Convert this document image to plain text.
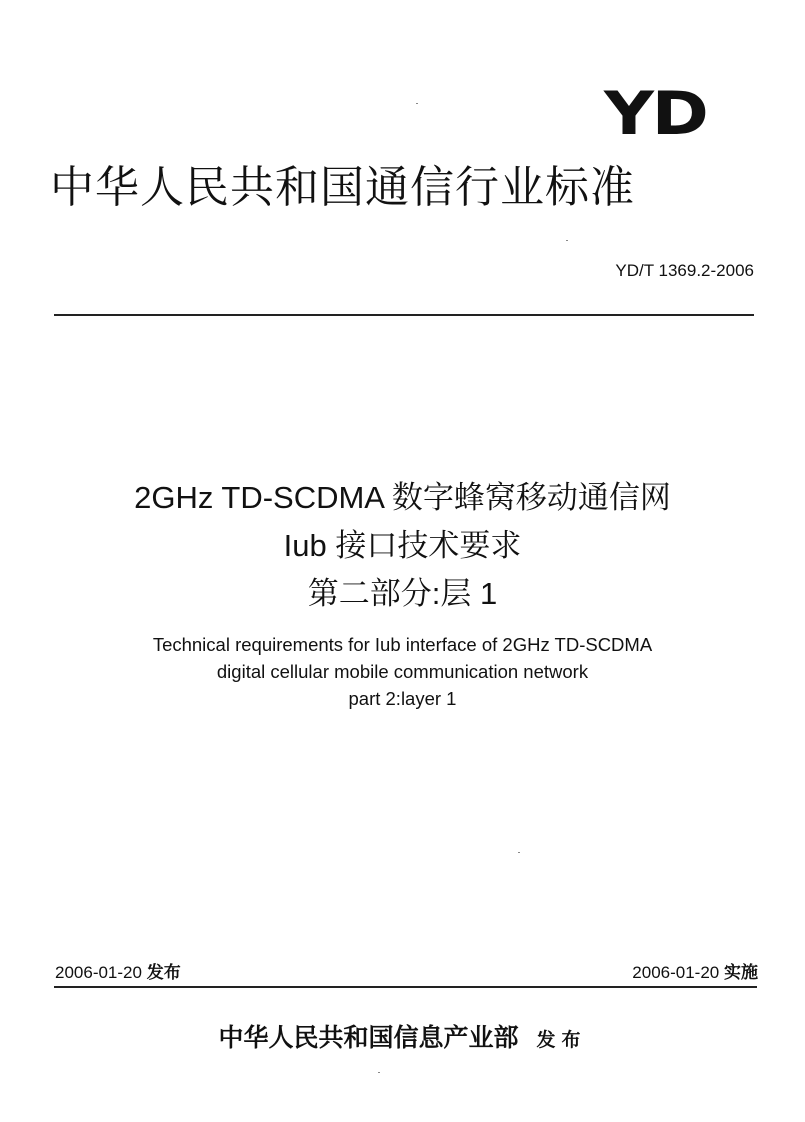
YD
中华人民共和国通信行业标准
YD/T 1369.2-2006
2GHz TD-SCDMA 数字蜂窝移动通信网
Iub 接口技术要求
第二部分:层 1
Technical requirements for Iub interface of 2GHz TD-SCDMA
digital cellular mobile communication network
part 2:layer 1
2006-01-20 发布	2006-01-20 实施
中华人民共和国信息产业部 发布
